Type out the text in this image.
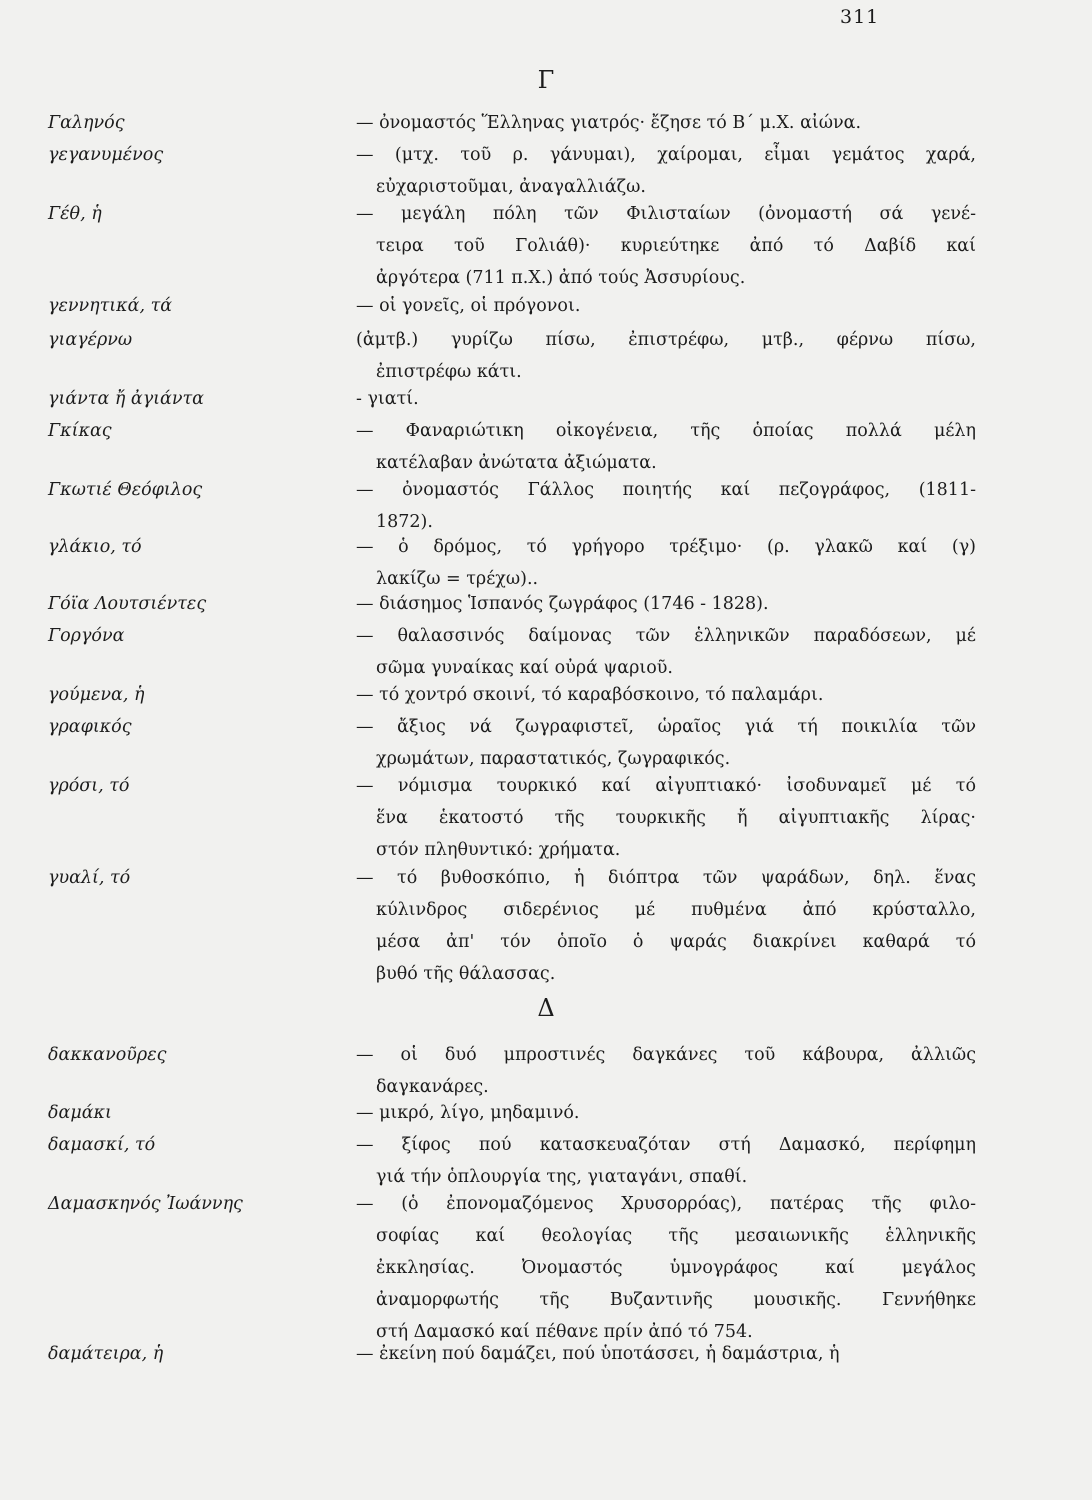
311
Γ
Γαληνός	— ὀνομαστός Ἕλληνας γιατρός· ἔζησε τό Β΄ μ.Χ. αἰώνα.
γεγανυμένος	— (μτχ. τοῦ ρ. γάνυμαι), χαίρομαι, εἶμαι γεμάτος χαρά,
εὐχαριστοῦμαι, ἀναγαλλιάζω.
Γέθ, ἡ	— μεγάλη πόλη τῶν Φιλισταίων (ὀνομαστή σά γενέ-
τειρα τοῦ Γολιάθ)· κυριεύτηκε ἀπό τό Δαβίδ καί
ἀργότερα (711 π.Χ.) ἀπό τούς Ἀσσυρίους.
γεννητικά, τά	— οἱ γονεῖς, οἱ πρόγονοι.
γιαγέρνω	(ἀμτβ.) γυρίζω πίσω, ἐπιστρέφω, μτβ., φέρνω πίσω,
ἐπιστρέφω κάτι.
γιάντα ἤ ἀγιάντα	- γιατί.
Γκίκας	— Φαναριώτικη οἰκογένεια, τῆς ὁποίας πολλά μέλη
κατέλαβαν ἀνώτατα ἀξιώματα.
Γκωτιέ Θεόφιλος	— ὀνομαστός Γάλλος ποιητής καί πεζογράφος, (1811-
1872).
γλάκιο, τό	— ὁ δρόμος, τό γρήγορο τρέξιμο· (ρ. γλακῶ καί (γ)
λακίζω = τρέχω)..
Γόϊα Λουτσιέντες	— διάσημος Ἱσπανός ζωγράφος (1746 - 1828).
Γοργόνα	— θαλασσινός δαίμονας τῶν ἑλληνικῶν παραδόσεων, μέ
σῶμα γυναίκας καί οὐρά ψαριοῦ.
γούμενα, ἡ	— τό χοντρό σκοινί, τό καραβόσκοινο, τό παλαμάρι.
γραφικός	— ἄξιος νά ζωγραφιστεῖ, ὡραῖος γιά τή ποικιλία τῶν
χρωμάτων, παραστατικός, ζωγραφικός.
γρόσι, τό	— νόμισμα τουρκικό καί αἰγυπτιακό· ἰσοδυναμεῖ μέ τό
ἕνα ἑκατοστό τῆς τουρκικῆς ἤ αἰγυπτιακῆς λίρας·
στόν πληθυντικό: χρήματα.
γυαλί, τό	— τό βυθοσκόπιο, ἡ διόπτρα τῶν ψαράδων, δηλ. ἕνας
κύλινδρος σιδερένιος μέ πυθμένα ἀπό κρύσταλλο,
μέσα ἀπ' τόν ὁποῖο ὁ ψαράς διακρίνει καθαρά τό
βυθό τῆς θάλασσας.
Δ
δακκανοῦρες	— οἱ δυό μπροστινές δαγκάνες τοῦ κάβουρα, ἀλλιῶς
δαγκανάρες.
δαμάκι	— μικρό, λίγο, μηδαμινό.
δαμασκί, τό	— ξίφος πού κατασκευαζόταν στή Δαμασκό, περίφημη
γιά τήν ὁπλουργία της, γιαταγάνι, σπαθί.
Δαμασκηνός Ἰωάννης	— (ὁ ἐπονομαζόμενος Χρυσορρόας), πατέρας τῆς φιλο-
σοφίας καί θεολογίας τῆς μεσαιωνικῆς ἑλληνικῆς
ἐκκλησίας. Ὀνομαστός ὑμνογράφος καί μεγάλος
ἀναμορφωτής τῆς Βυζαντινῆς μουσικῆς. Γεννήθηκε
στή Δαμασκό καί πέθανε πρίν ἀπό τό 754.
δαμάτειρα, ἡ	— ἐκείνη πού δαμάζει, πού ὑποτάσσει, ἡ δαμάστρια, ἡ
